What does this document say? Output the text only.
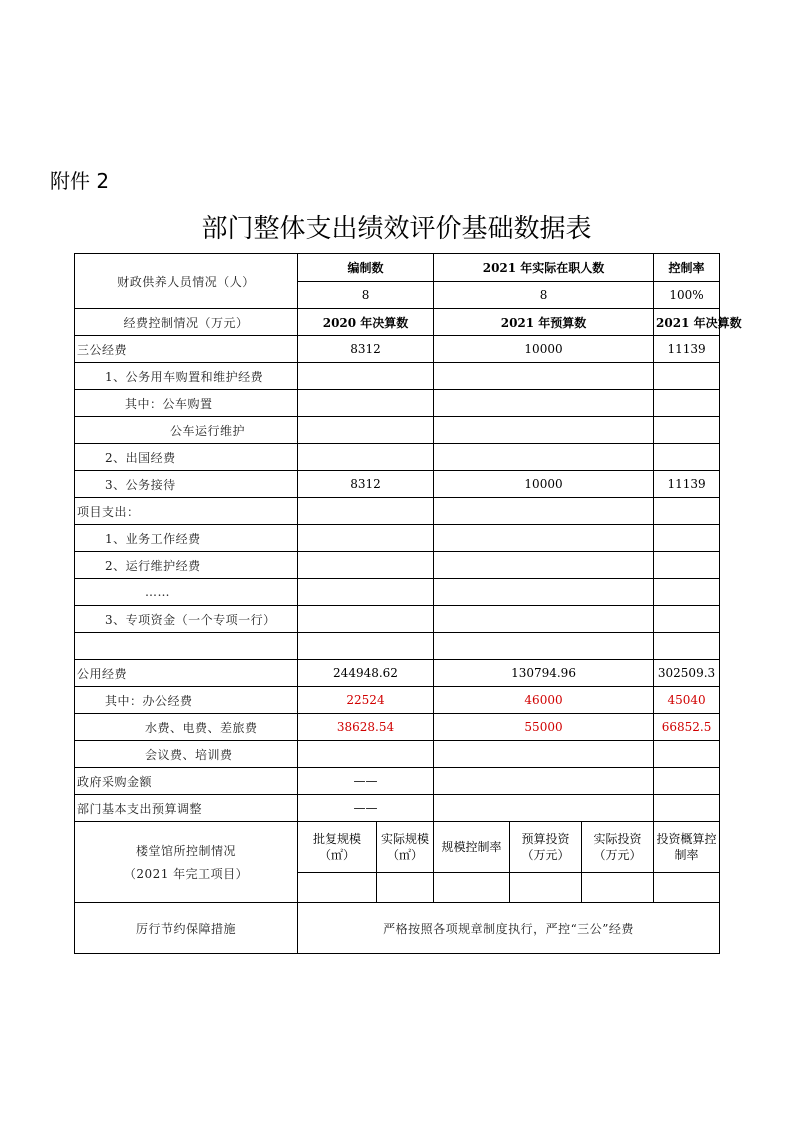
附件 2
部门整体支出绩效评价基础数据表
财政供养人员情况（人）	编制数		2021 年实际在职人数			控制率
	8		8			100%
经费控制情况（万元）	2020 年决算数		2021 年预算数			2021 年决算数
三公经费	8312		10000			11139
1、公务用车购置和维护经费						
其中：公车购置						
公车运行维护						
2、出国经费						
3、公务接待	8312		10000			11139
项目支出：						
1、业务工作经费						
2、运行维护经费						
……						
3、专项资金（一个专项一行）						

公用经费	244948.62		130794.96			302509.3
其中：办公经费	22524		46000			45040
水费、电费、差旅费	38628.54		55000			66852.5
会议费、培训费						
政府采购金额	——					
部门基本支出预算调整	——					

楼堂馆所控制情况
（2021 年完工项目）	批复规模（㎡）	实际规模（㎡）	规模控制率	预算投资（万元）	实际投资（万元）	投资概算控制率

厉行节约保障措施	严格按照各项规章制度执行，严控“三公”经费					
